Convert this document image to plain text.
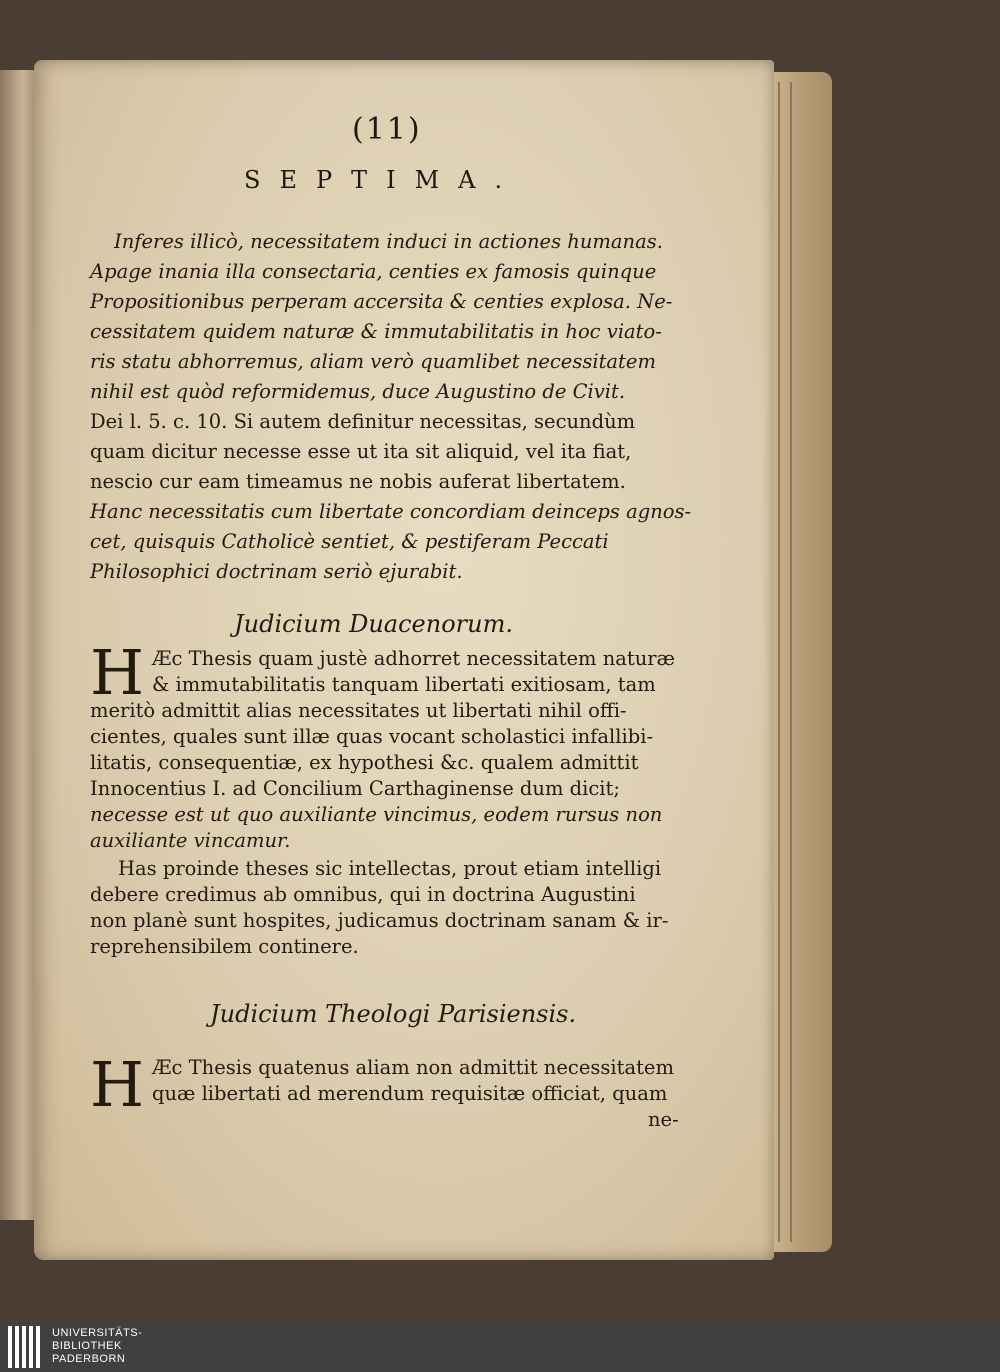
(11)
SEPTIMA.
Inferes illicò, necessitatem induci in actiones humanas.
Apage inania illa consectaria, centies ex famosis quinque
Propositionibus perperam accersita & centies explosa. Ne-
cessitatem quidem naturæ & immutabilitatis in hoc viato-
ris statu abhorremus, aliam verò quamlibet necessitatem
nihil est quòd reformidemus, duce Augustino de Civit.
Dei l. 5. c. 10. Si autem definitur necessitas, secundùm
quam dicitur necesse esse ut ita sit aliquid, vel ita fiat,
nescio cur eam timeamus ne nobis auferat libertatem.
Hanc necessitatis cum libertate concordiam deinceps agnos-
cet, quisquis Catholicè sentiet, & pestiferam Peccati
Philosophici doctrinam seriò ejurabit.
Judicium Duacenorum.
H Æc Thesis quam justè adhorret necessitatem naturæ
& immutabilitatis tanquam libertati exitiosam, tam
meritò admittit alias necessitates ut libertati nihil offi-
cientes, quales sunt illæ quas vocant scholastici infallibi-
litatis, consequentiæ, ex hypothesi &c. qualem admittit
Innocentius I. ad Concilium Carthaginense dum dicit;
necesse est ut quo auxiliante vincimus, eodem rursus non
auxiliante vincamur.
Has proinde theses sic intellectas, prout etiam intelligi
debere credimus ab omnibus, qui in doctrina Augustini
non planè sunt hospites, judicamus doctrinam sanam & ir-
reprehensibilem continere.
Judicium Theologi Parisiensis.
H Æc Thesis quatenus aliam non admittit necessitatem
quæ libertati ad merendum requisitæ officiat, quam
ne-
UNIVERSITÄTS-
BIBLIOTHEK
PADERBORN
